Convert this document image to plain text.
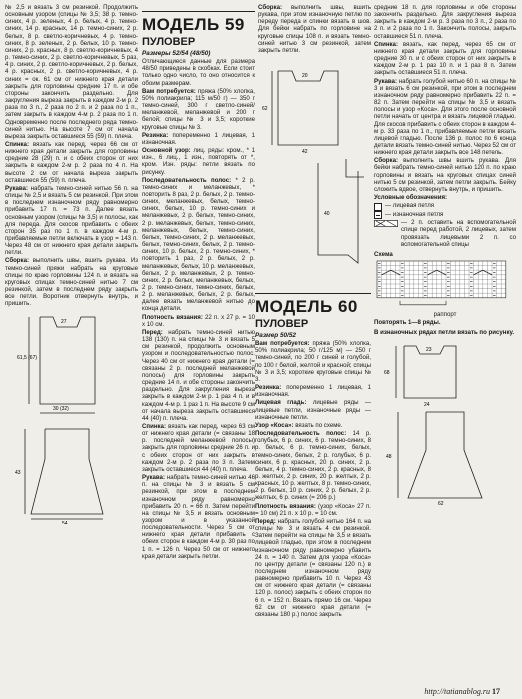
№ 2,5 и вязать 3 см резинкой. Продолжить основным узором (спицы № 3,5; 38 р. темно-синих, 4 р. зеленых, 4 р. белых, 4 р. темно-синих, 14 р. красных, 14 р. темно-синих, 2 р. белых, 8 р. светло-коричневых, 4 р. темно-синих, 8 р. зеленых, 2 р. белых, 10 р. темно-синих, 2 р. красных, 8 р. светло-коричневых, 4 р. темно-синих, 2 р. светло-коричневых, 5 раз, 4 р. синих, 2 р. светло-коричневых, 2 р. белых, 4 р. красных, 2 р. светло-коричневых, 4 р. синих = ок. 61 см от нижнего края детали закрыть для горловины средние 17 п. и обе стороны закончить раздельно. Для закругления выреза закрыть в каждом 2-м р. 2 раза по 3 п., 2 раза по 2 п. и 2 раза по 1 п., затем закрыть в каждом 4-м р. 2 раза по 1 п. Одновременно после последнего ряда темно-синей нитью. На высоте 7 см от начала выреза закрыть оставшиеся 55 (59) п. плеча.

Спинка: вязать как перед, через 66 см от нижнего края детали закрыть для горловины средние 28 (29) п. и с обеих сторон от них закрыть в каждом 2-м р. 2 раза по 4 п. На высоте 2 см от начала выреза закрыть оставшиеся 55 (59) п. плеча.

Рукава: набрать темно-синей нитью 56 п. на спицы № 2,5 и вязать 5 см резинкой. При этом в последнем изнаночном ряду равномерно прибавить 17 п. = 73 п. Далее вязать основным узором (спицы № 3,5) и полосы, как для переда. Для скосов прибавить с обеих сторон 35 раз по 1 п. в каждом 4-м р. прибавляемые петли включать в узор = 143 п. Через 48 см от нижнего края детали закрыть петли.

Сборка: выполнить швы, вшить рукава. Из темно-синей пряжи набрать на круговые спицы по краю горловины 124 п. и вязать на круговых спицах темно-синей нитью 7 см резинкой, затем в последнем ряду закрыть все петли. Воротник отвернуть внутрь, и пришить.

30 (32)
61,5 (67)
27
43
54

МОДЕЛЬ 59

ПУЛОВЕР

Размеры 52/54 (48/50)

Отличающиеся данные для размера 48/50 приведены в скобках. Если стоит только одно число, то оно относится к обоим размерам.

Вам потребуется: пряжа (50% хлопка, 50% полиакрила; 115 м/50 г) — 350 г темно-синей, 300 г светло-синей/меланжевой, меланжевой и 200 г белой; спицы № 3 и 3,5; короткие круговые спицы № 3.

Резинка: попеременно 1 лицевая, 1 изнаночная.

Основной узор: лиц. ряды: кром., * 1 изн., 6 лиц., 1 изн., повторять от *, кром. Изн. ряды: петли вязать по рисунку.

Последовательность полос: * 2 р. темно-синих и меланжевых, * повторить 8 раз, 2 р. белых, 2 р. темно-синих, меланжевых, белых, темно-синих, белых, 10 р. темно-синих и меланжевых, 2 р. белых, темно-синих, 2 р. меланжевых, белых, темно-синих, меланжевых, белых, темно-синих, белых, темно-синих, 2 р. меланжевых, белых, темно-синих, белых, 2 р. темно-синих, 10 р. белых, 2 р. темно-синих, * повторить 1 раз, 2 р. белых, 2 р. меланжевых, белых, 10 р. меланжевых, белых, 2 р. меланжевых, 2 р. темно-синих, 2 р. белых, меланжевых, белых, 2 р. темно-синих, темно-синих, белых, 2 р. меланжевых, белых, 2 р. белых, далее вязать меланжевой нитью до конца детали.

Плотность вязания: 22 п. х 27 р. = 10 х 10 см.

Перед: набрать темно-синей нитью 138 (130) п. на спицы № 3 и вязать 5 см резинкой, продолжить основным узором и последовательностью полос. Через 40 см от нижнего края детали (= связаны 2 р. последней меланжевой полосы) для горловины закрыть средние 14 п. и обе стороны закончить раздельно. Для закругления выреза закрыть в каждом 2-м р. 1 раз 4 п. и в каждом 4-м р. 1 раз 1 п. На высоте 9 см от начала выреза закрыть оставшиеся 44 (40) п. плеча.

Спинка: вязать как перед, через 63 см от нижнего края детали (= связаны 18 р. последней меланжевой полосы) закрыть для горловины средние 26 п. и с обеих сторон от них закрыть в каждом 2-м р. 2 раза по 3 п. Затем закрыть оставшиеся 44 (40) п. плеча.

Рукава: набрать темно-синей нитью 46 п. на спицы № 3 и вязать 5 см резинкой, при этом в последнем изнаночном ряду равномерно прибавить 20 п. = 66 п. Затем перейти на спицы № 3,5 и вязать основным узором и в указанной последовательности. Через 5 см от нижнего края детали прибавить с обеих сторон в каждом 4-м р. 30 раз по 1 п. = 126 п. Через 50 см от нижнего края детали закрыть петли.

Сборка: выполнить швы, вшить рукава, при этом изнаночную петлю по переду переда и спинки вязать в шов. Для бейки набрать по горловине на круговые спицы 108 п. и вязать темно-синей нитью 3 см резинкой, затем закрыть петли.

42
62
20
40

МОДЕЛЬ 60

ПУЛОВЕР

Размер 50/52

Вам потребуется: пряжа (50% хлопка, 50% полиакрила; 50 г/125 м) — 250 г темно-синей, по 200 г синей и голубой, по 100 г белой, желтой и красной; спицы № 3 и 3,5; короткие круговые спицы № 3.

Резинка: попеременно 1 лицевая, 1 изнаночная.

Лицевая гладь: лицевые ряды — лицевые петли, изнаночные ряды — изнаночные петли.

Узор «Коса»: вязать по схеме.

Последовательность полос: 14 р. голубых, 6 р. синих, 6 р. темно-синих, 8 р. белых, 6 р. темно-синих, белых, темно-синих, белых, 2 р. голубых, 6 р. синих, 6 р. красных, 20 р. синих, 2 р. белых, 4 р. темно-синих, 2 р. красных, 8 р. желтых, 2 р. синих, 20 р. желтых, 2 р. красных, 10 р. желтых, 8 р. темно-синих, 2 р. белых, 10 р. синих, 2 р. белых, 2 р. желтых, 6 р. синих (= 206 р.)

Плотность вязания: (узор «Коса» 27 п. = 10 см) 21 п. х 10 р. = 10 см.

Перед: набрать голубой нитью 164 п. на спицы № 3 и вязать 4 см резинкой. Затем перейти на спицы № 3,5 и вязать лицевой гладью, при этом в последнем изнаночном ряду равномерно убавить 24 п. = 140 п. Затем для узора «Коса» по центру детали (= связаны 120 п.) в последнем изнаночном ряду равномерно прибавить 10 п. Через 43 см от нижнего края детали (= связаны 120 р. полос) закрыть с обеих сторон по 6 п. = 152 п. Вязать прямо 16 см. Через 62 см от нижнего края детали (= связаны 180 р.) полос закрыть

средние 18 п. для горловины и обе стороны закончить раздельно. Для закругления выреза закрыть в каждом 2-м р. 3 раза по 3 п., 2 раза по 2 п. и 2 раза по 1 п. Закончить полосы, закрыть оставшиеся 51 п. плеча.

Спинка: вязать, как перед, через 65 см от нижнего края детали закрыть для горловины средние 30 п. и с обеих сторон от них закрыть в каждом 2-м р. 1 раз 10 п. и 1 раз 8 п. Затем закрыть оставшиеся 51 п. плеча.

Рукава: набрать голубой нитью 60 п. на спицы № 3 и вязать 6 см резинкой, при этом в последнем изнаночном ряду равномерно прибавить 22 п. = 82 п. Затем перейти на спицы № 3,5 и вязать полосы и узор «Коса». Для этого после основной петли начать от центра и вязать лицевой гладью. Для скосов прибавить с обеих сторон в каждом 4-м р. 33 раза по 1 п., прибавляемые петли вязать лицевой гладью. После 136 р. полос по 6 конца детали вязать темно-синей нитью. Через 52 см от нижнего края детали закрыть все 148 петель.

Сборка: выполнить швы вшить рукава. Для бейки набрать темно-синей нитью 120 п. по краю горловины и вязать на круговых спицах синей нитью 5 см резинкой, затем петли закрыть. Бейку сложить вдвое, отвернуть внутрь, и пришить.

Условные обозначения:

— лицевая петля
— изнаночная петля
— 2 п. оставить на вспомогательной спице перед работой, 2 лицевых, затем провязать лицевыми 2 п. со вспомогательной спицы

Схема

раппорт

Повторять 1—8 ряды.

В изнаночных рядах петли вязать по рисунку.

24
68
23
48
62
http://tatianablog.ru 17
